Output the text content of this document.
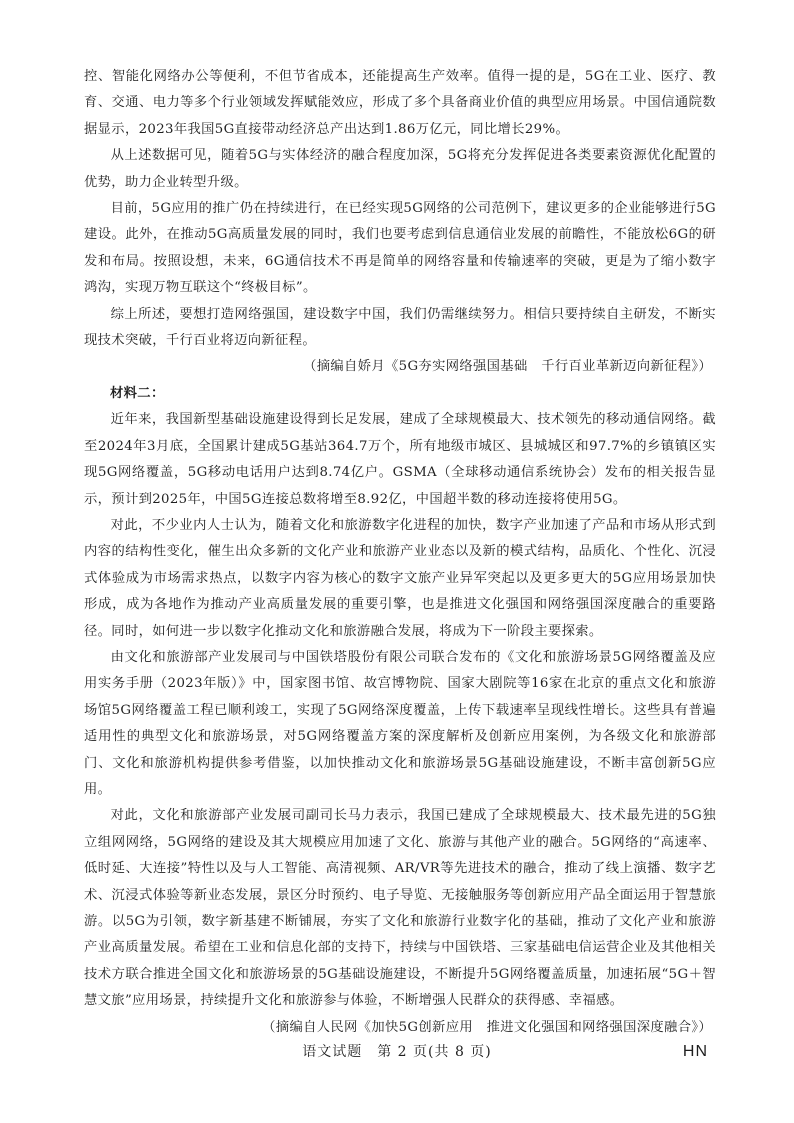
控、智能化网络办公等便利，不但节省成本，还能提高生产效率。值得一提的是，5G在工业、医疗、教育、交通、电力等多个行业领域发挥赋能效应，形成了多个具备商业价值的典型应用场景。中国信通院数据显示，2023年我国5G直接带动经济总产出达到1.86万亿元，同比增长29%。

从上述数据可见，随着5G与实体经济的融合程度加深，5G将充分发挥促进各类要素资源优化配置的优势，助力企业转型升级。

目前，5G应用的推广仍在持续进行，在已经实现5G网络的公司范例下，建议更多的企业能够进行5G建设。此外，在推动5G高质量发展的同时，我们也要考虑到信息通信业发展的前瞻性，不能放松6G的研发和布局。按照设想，未来，6G通信技术不再是简单的网络容量和传输速率的突破，更是为了缩小数字鸿沟，实现万物互联这个“终极目标”。

综上所述，要想打造网络强国，建设数字中国，我们仍需继续努力。相信只要持续自主研发，不断实现技术突破，千行百业将迈向新征程。

（摘编自娇月《5G夯实网络强国基础　千行百业革新迈向新征程》）

材料二：

近年来，我国新型基础设施建设得到长足发展，建成了全球规模最大、技术领先的移动通信网络。截至2024年3月底，全国累计建成5G基站364.7万个，所有地级市城区、县城城区和97.7%的乡镇镇区实现5G网络覆盖，5G移动电话用户达到8.74亿户。GSMA（全球移动通信系统协会）发布的相关报告显示，预计到2025年，中国5G连接总数将增至8.92亿，中国超半数的移动连接将使用5G。

对此，不少业内人士认为，随着文化和旅游数字化进程的加快，数字产业加速了产品和市场从形式到内容的结构性变化，催生出众多新的文化产业和旅游产业业态以及新的模式结构，品质化、个性化、沉浸式体验成为市场需求热点，以数字内容为核心的数字文旅产业异军突起以及更多更大的5G应用场景加快形成，成为各地作为推动产业高质量发展的重要引擎，也是推进文化强国和网络强国深度融合的重要路径。同时，如何进一步以数字化推动文化和旅游融合发展，将成为下一阶段主要探索。

由文化和旅游部产业发展司与中国铁塔股份有限公司联合发布的《文化和旅游场景5G网络覆盖及应用实务手册（2023年版）》中，国家图书馆、故宫博物院、国家大剧院等16家在北京的重点文化和旅游场馆5G网络覆盖工程已顺利竣工，实现了5G网络深度覆盖，上传下载速率呈现线性增长。这些具有普遍适用性的典型文化和旅游场景，对5G网络覆盖方案的深度解析及创新应用案例，为各级文化和旅游部门、文化和旅游机构提供参考借鉴，以加快推动文化和旅游场景5G基础设施建设，不断丰富创新5G应用。

对此，文化和旅游部产业发展司副司长马力表示，我国已建成了全球规模最大、技术最先进的5G独立组网网络，5G网络的建设及其大规模应用加速了文化、旅游与其他产业的融合。5G网络的“高速率、低时延、大连接”特性以及与人工智能、高清视频、AR/VR等先进技术的融合，推动了线上演播、数字艺术、沉浸式体验等新业态发展，景区分时预约、电子导览、无接触服务等创新应用产品全面运用于智慧旅游。以5G为引领，数字新基建不断铺展，夯实了文化和旅游行业数字化的基础，推动了文化产业和旅游产业高质量发展。希望在工业和信息化部的支持下，持续与中国铁塔、三家基础电信运营企业及其他相关技术方联合推进全国文化和旅游场景的5G基础设施建设，不断提升5G网络覆盖质量，加速拓展“5G＋智慧文旅”应用场景，持续提升文化和旅游参与体验，不断增强人民群众的获得感、幸福感。

（摘编自人民网《加快5G创新应用　推进文化强国和网络强国深度融合》）

语文试题　第 2 页(共 8 页)	HN
